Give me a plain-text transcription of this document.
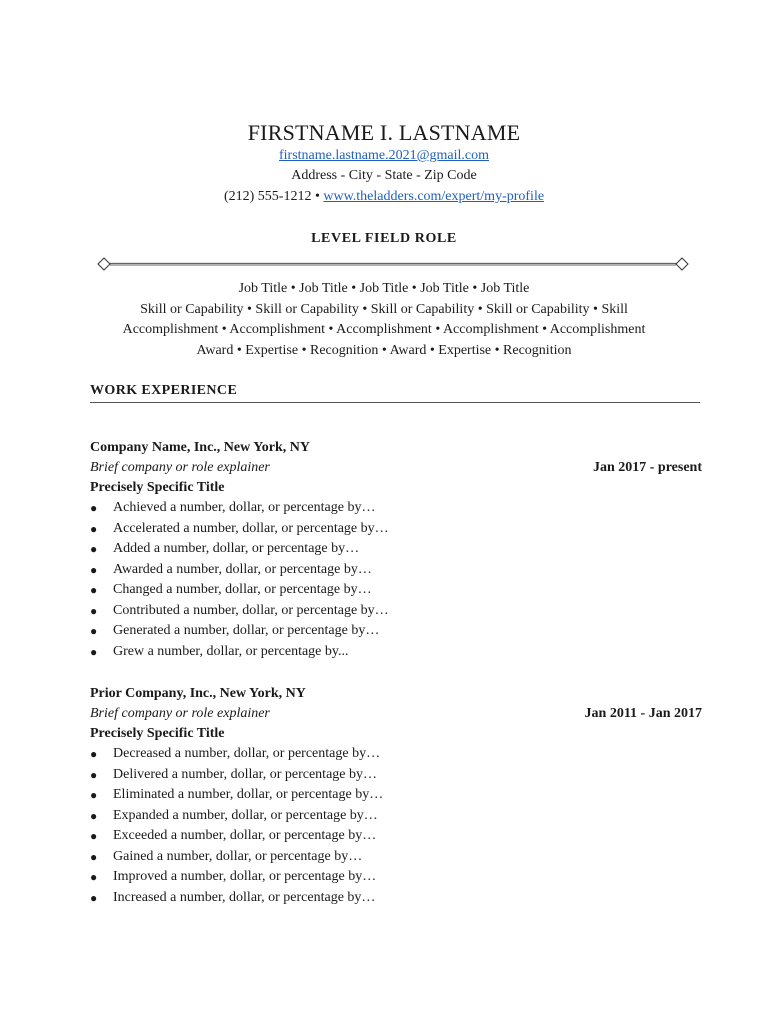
FIRSTNAME I. LASTNAME
firstname.lastname.2021@gmail.com
Address - City - State - Zip Code
(212) 555-1212 • www.theladders.com/expert/my-profile
LEVEL FIELD ROLE
Job Title • Job Title • Job Title • Job Title • Job Title
Skill or Capability • Skill or Capability • Skill or Capability • Skill or Capability • Skill
Accomplishment • Accomplishment • Accomplishment • Accomplishment • Accomplishment
Award • Expertise • Recognition • Award • Expertise • Recognition
WORK EXPERIENCE
Company Name, Inc., New York, NY
Brief company or role explainer	Jan 2017 - present
Precisely Specific Title
● Achieved a number, dollar, or percentage by…
● Accelerated a number, dollar, or percentage by…
● Added a number, dollar, or percentage by…
● Awarded a number, dollar, or percentage by…
● Changed a number, dollar, or percentage by…
● Contributed a number, dollar, or percentage by…
● Generated a number, dollar, or percentage by…
● Grew a number, dollar, or percentage by...
Prior Company, Inc., New York, NY
Brief company or role explainer	Jan 2011 - Jan 2017
Precisely Specific Title
● Decreased a number, dollar, or percentage by…
● Delivered a number, dollar, or percentage by…
● Eliminated a number, dollar, or percentage by…
● Expanded a number, dollar, or percentage by…
● Exceeded a number, dollar, or percentage by…
● Gained a number, dollar, or percentage by…
● Improved a number, dollar, or percentage by…
● Increased a number, dollar, or percentage by…
